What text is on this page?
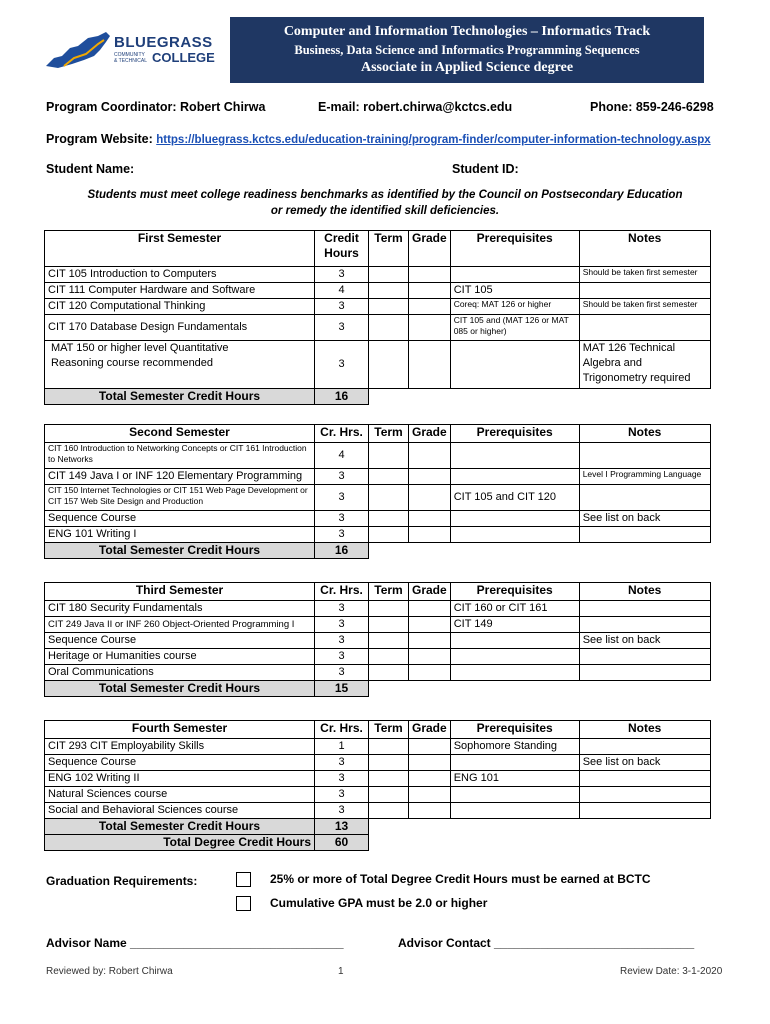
BLUEGRASS
COMMUNITY
& TECHNICAL COLLEGE
Computer and Information Technologies – Informatics Track
Business, Data Science and Informatics Programming Sequences
Associate in Applied Science degree
Program Coordinator: Robert Chirwa	E-mail: robert.chirwa@kctcs.edu	Phone: 859-246-6298
Program Website: https://bluegrass.kctcs.edu/education-training/program-finder/computer-information-technology.aspx
Student Name:	Student ID:
Students must meet college readiness benchmarks as identified by the Council on Postsecondary Education
or remedy the identified skill deficiencies.
First Semester	Credit Hours	Term	Grade	Prerequisites	Notes
CIT 105 Introduction to Computers	3				Should be taken first semester
CIT 111 Computer Hardware and Software	4			CIT 105	
CIT 120 Computational Thinking	3			Coreq: MAT 126 or higher	Should be taken first semester
CIT 170 Database Design Fundamentals	3			CIT 105 and (MAT 126 or MAT 085 or higher)	
MAT 150 or higher level Quantitative Reasoning course recommended	3				MAT 126 Technical Algebra and Trigonometry required
Total Semester Credit Hours	16				
Second Semester	Cr. Hrs.	Term	Grade	Prerequisites	Notes
CIT 160 Introduction to Networking Concepts or CIT 161 Introduction to Networks	4				
CIT 149 Java I or INF 120 Elementary Programming	3				Level I Programming Language
CIT 150 Internet Technologies or CIT 151 Web Page Development or CIT 157 Web Site Design and Production	3			CIT 105 and CIT 120	
Sequence Course	3				See list on back
ENG 101 Writing I	3				
Total Semester Credit Hours	16				
Third Semester	Cr. Hrs.	Term	Grade	Prerequisites	Notes
CIT 180 Security Fundamentals	3			CIT 160 or CIT 161	
CIT 249 Java II or INF 260 Object-Oriented Programming I	3			CIT 149	
Sequence Course	3				See list on back
Heritage or Humanities course	3				
Oral Communications	3				
Total Semester Credit Hours	15				
Fourth Semester	Cr. Hrs.	Term	Grade	Prerequisites	Notes
CIT 293 CIT Employability Skills	1			Sophomore Standing	
Sequence Course	3				See list on back
ENG 102 Writing II	3			ENG 101	
Natural Sciences course	3				
Social and Behavioral Sciences course	3				
Total Semester Credit Hours	13				
Total Degree Credit Hours	60				
Graduation Requirements:	25% or more of Total Degree Credit Hours must be earned at BCTC
Cumulative GPA must be 2.0 or higher
Advisor Name ________________________________	Advisor Contact ______________________________
Reviewed by: Robert Chirwa	1	Review Date: 3-1-2020
